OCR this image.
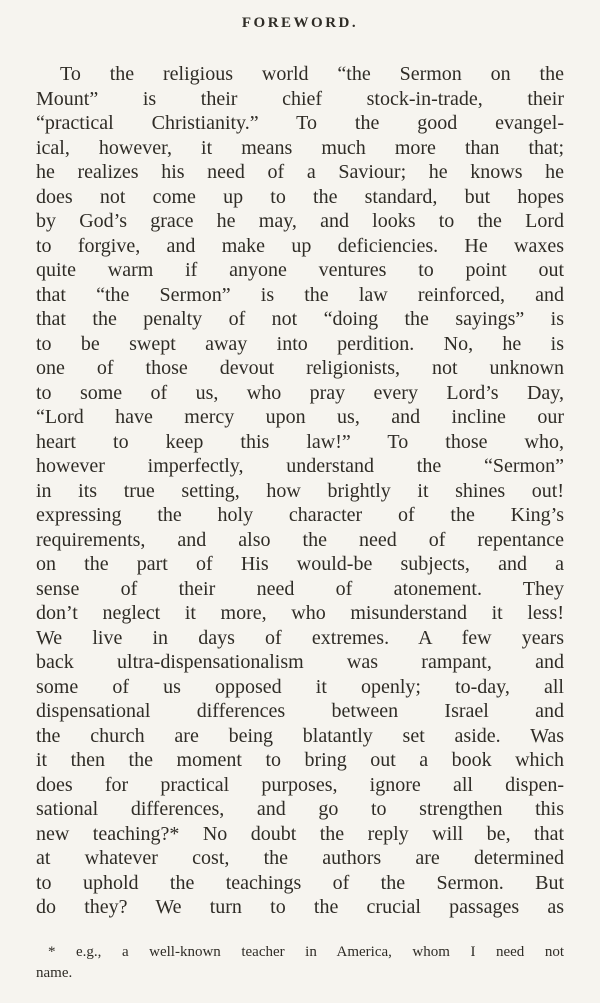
FOREWORD.
To the religious world “the Sermon on the
Mount” is their chief stock-in-trade, their
“practical Christianity.” To the good evangel-
ical, however, it means much more than that;
he realizes his need of a Saviour; he knows he
does not come up to the standard, but hopes
by God’s grace he may, and looks to the Lord
to forgive, and make up deficiencies. He waxes
quite warm if anyone ventures to point out
that “the Sermon” is the law reinforced, and
that the penalty of not “doing the sayings” is
to be swept away into perdition. No, he is
one of those devout religionists, not unknown
to some of us, who pray every Lord’s Day,
“Lord have mercy upon us, and incline our
heart to keep this law!” To those who,
however imperfectly, understand the “Sermon”
in its true setting, how brightly it shines out!
expressing the holy character of the King’s
requirements, and also the need of repentance
on the part of His would-be subjects, and a
sense of their need of atonement. They
don’t neglect it more, who misunderstand it less!
We live in days of extremes. A few years
back ultra-dispensationalism was rampant, and
some of us opposed it openly; to-day, all
dispensational differences between Israel and
the church are being blatantly set aside. Was
it then the moment to bring out a book which
does for practical purposes, ignore all dispen-
sational differences, and go to strengthen this
new teaching?* No doubt the reply will be, that
at whatever cost, the authors are determined
to uphold the teachings of the Sermon. But
do they? We turn to the crucial passages as
* e.g., a well-known teacher in America, whom I need not
name.
